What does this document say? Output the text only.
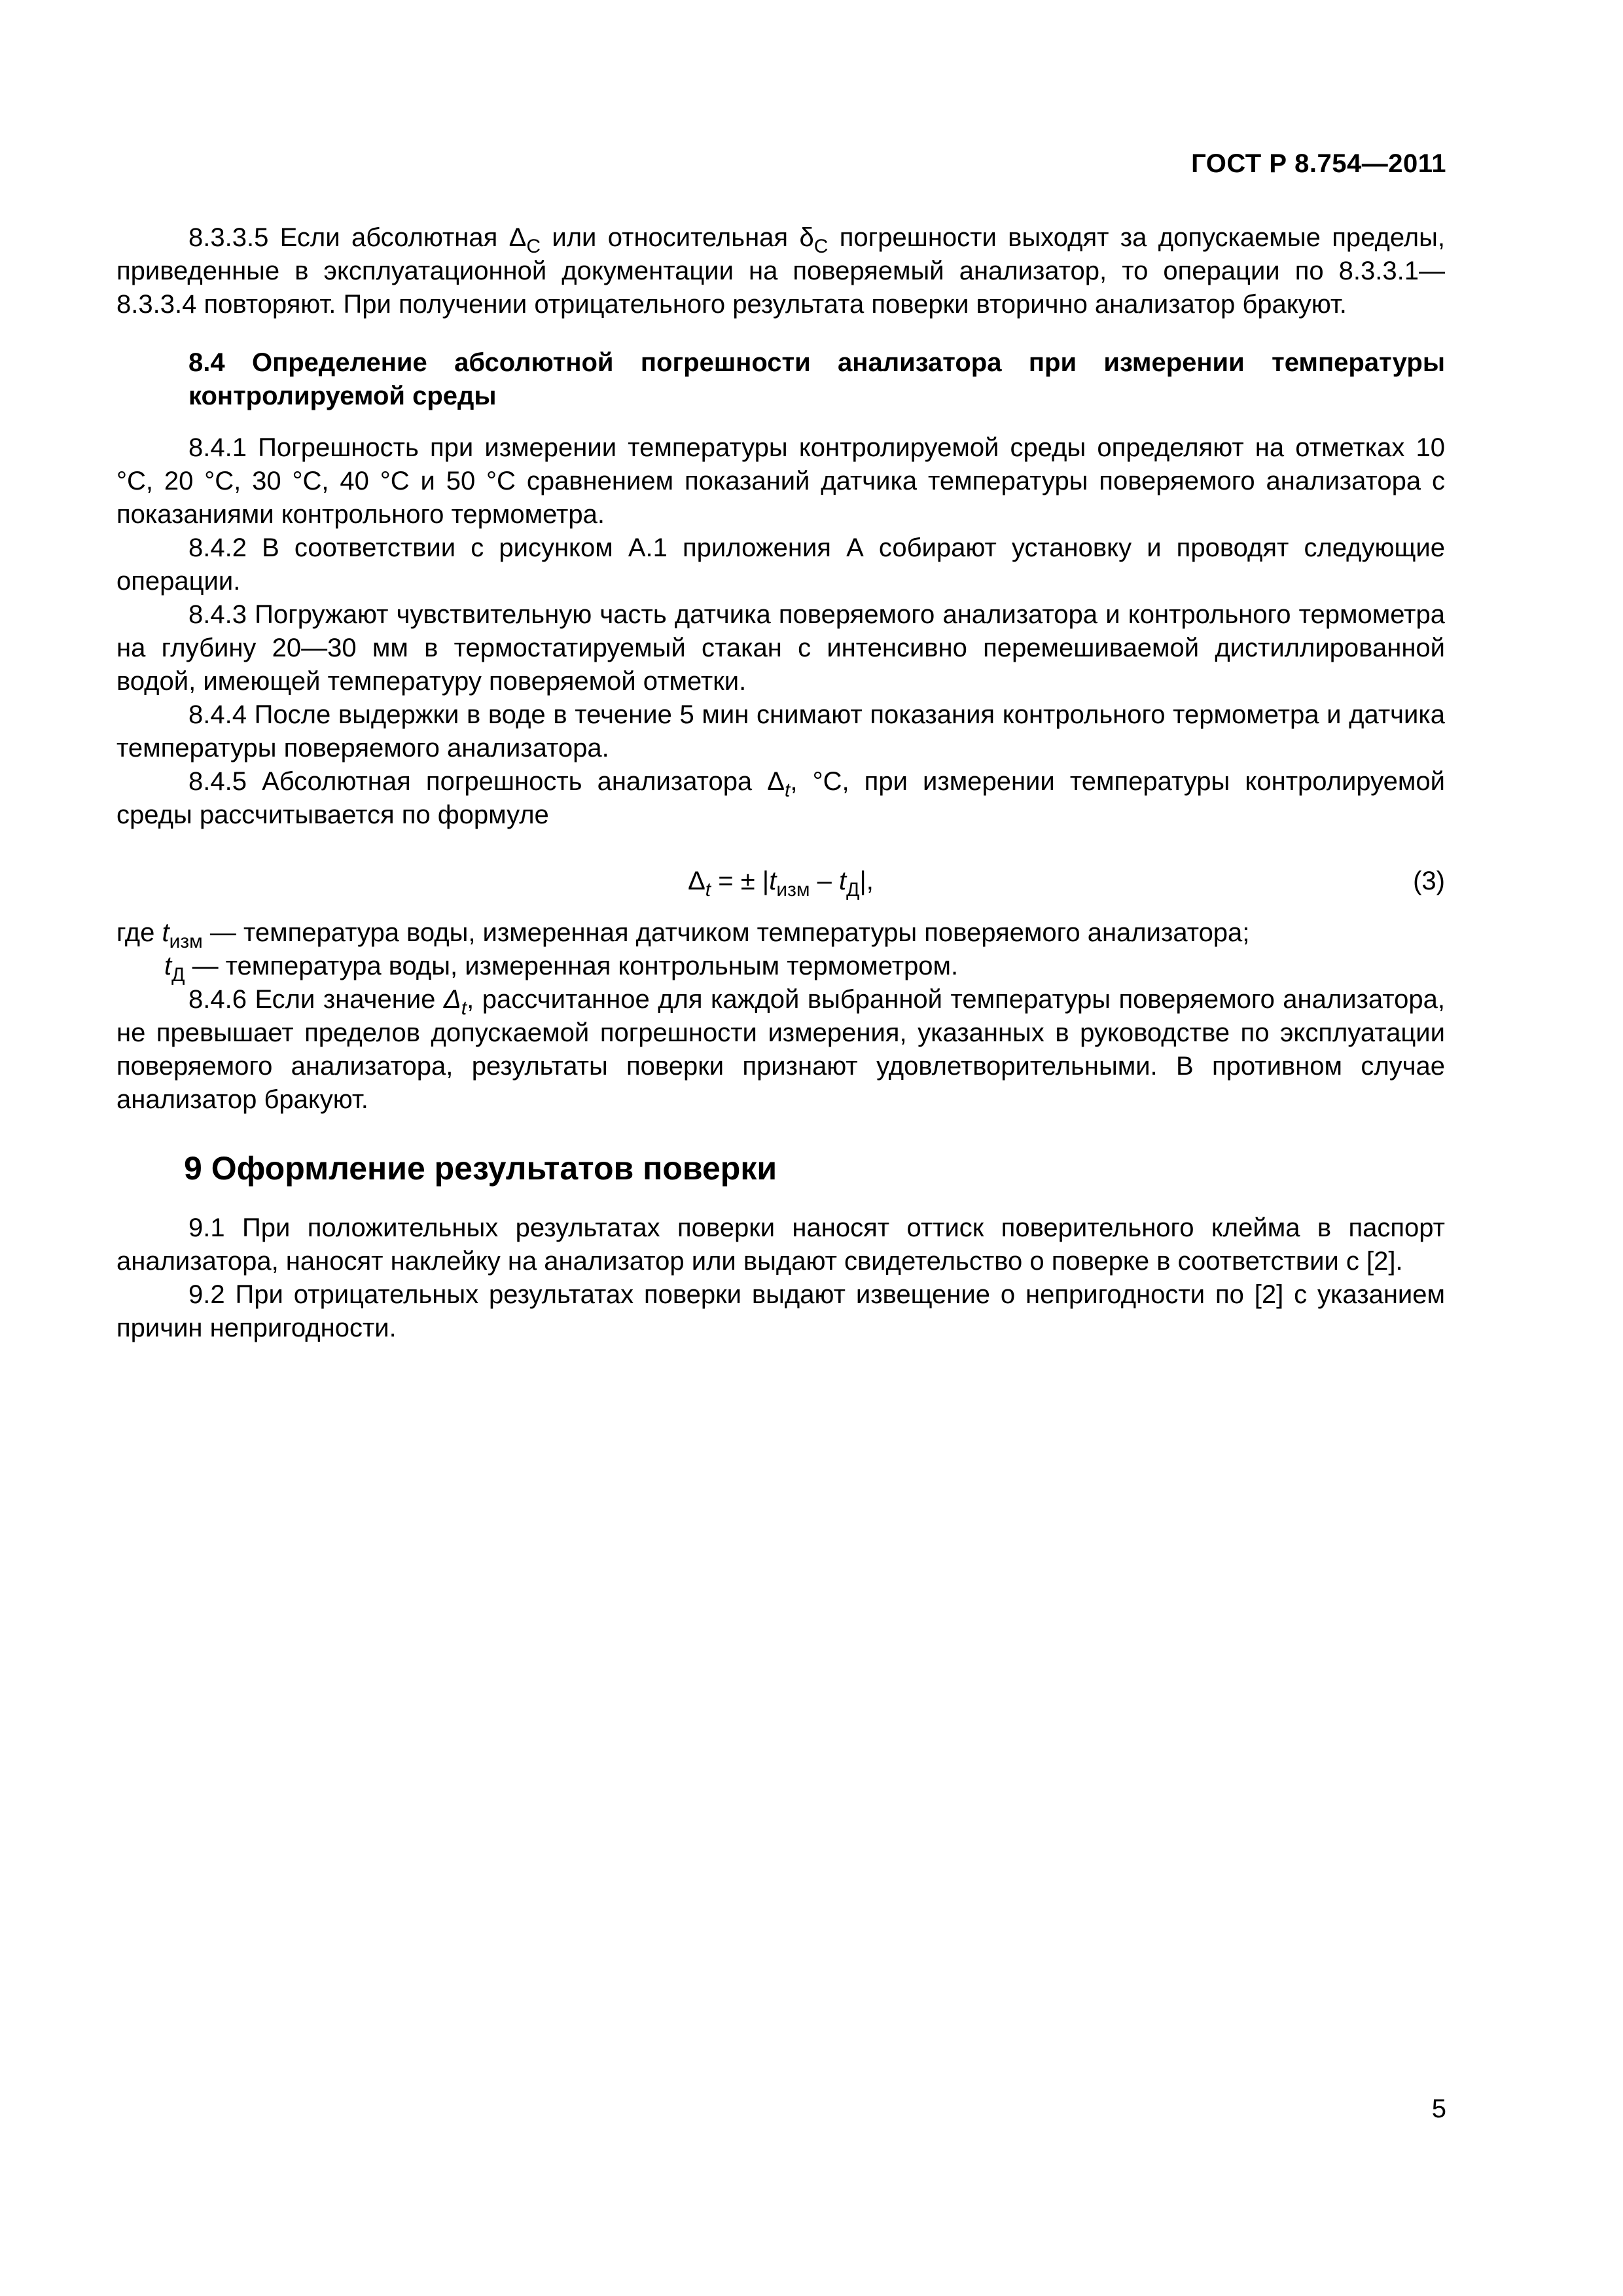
ГОСТ Р 8.754—2011

8.3.3.5 Если абсолютная $\Delta_C$ или относительная $\delta_C$ погрешности выходят за допускаемые пределы, приведенные в эксплуатационной документации на поверяемый анализатор, то операции по 8.3.3.1—8.3.3.4 повторяют. При получении отрицательного результата поверки вторично анализатор бракуют.

8.4 Определение абсолютной погрешности анализатора при измерении температуры контролируемой среды

8.4.1 Погрешность при измерении температуры контролируемой среды определяют на отметках 10 °С, 20 °С, 30 °С, 40 °С и 50 °С сравнением показаний датчика температуры поверяемого анализатора с показаниями контрольного термометра.

8.4.2 В соответствии с рисунком А.1 приложения А собирают установку и проводят следующие операции.

8.4.3 Погружают чувствительную часть датчика поверяемого анализатора и контрольного термометра на глубину 20—30 мм в термостатируемый стакан с интенсивно перемешиваемой дистиллированной водой, имеющей температуру поверяемой отметки.

8.4.4 После выдержки в воде в течение 5 мин снимают показания контрольного термометра и датчика температуры поверяемого анализатора.

8.4.5 Абсолютная погрешность анализатора $\Delta_t$, °С, при измерении температуры контролируемой среды рассчитывается по формуле

$\Delta_t$ = ± $|t_{изм} - t_Д|$,	(3)

где $t_{изм}$ — температура воды, измеренная датчиком температуры поверяемого анализатора;

$t_Д$ — температура воды, измеренная контрольным термометром.

8.4.6 Если значение $\Delta_t$, рассчитанное для каждой выбранной температуры поверяемого анализатора, не превышает пределов допускаемой погрешности измерения, указанных в руководстве по эксплуатации поверяемого анализатора, результаты поверки признают удовлетворительными. В противном случае анализатор бракуют.

9 Оформление результатов поверки

9.1 При положительных результатах поверки наносят оттиск поверительного клейма в паспорт анализатора, наносят наклейку на анализатор или выдают свидетельство о поверке в соответствии с [2].

9.2 При отрицательных результатах поверки выдают извещение о непригодности по [2] с указанием причин непригодности.

5
